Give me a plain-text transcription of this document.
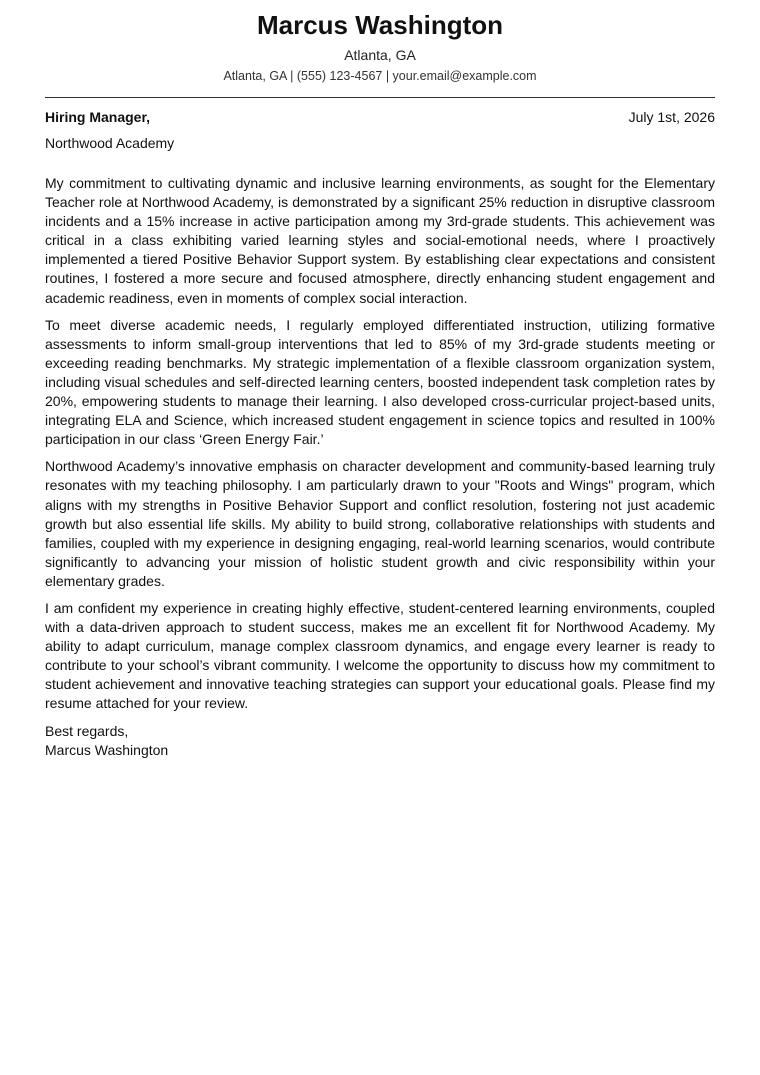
Marcus Washington
Atlanta, GA
Atlanta, GA | (555) 123-4567 | your.email@example.com
Hiring Manager,	July 1st, 2026
Northwood Academy

My commitment to cultivating dynamic and inclusive learning environments, as sought for the Elementary Teacher role at Northwood Academy, is demonstrated by a significant 25% reduction in disruptive classroom incidents and a 15% increase in active participation among my 3rd-grade students. This achievement was critical in a class exhibiting varied learning styles and social-emotional needs, where I proactively implemented a tiered Positive Behavior Support system. By establishing clear expectations and consistent routines, I fostered a more secure and focused atmosphere, directly enhancing student engagement and academic readiness, even in moments of complex social interaction.

To meet diverse academic needs, I regularly employed differentiated instruction, utilizing formative assessments to inform small-group interventions that led to 85% of my 3rd-grade students meeting or exceeding reading benchmarks. My strategic implementation of a flexible classroom organization system, including visual schedules and self-directed learning centers, boosted independent task completion rates by 20%, empowering students to manage their learning. I also developed cross-curricular project-based units, integrating ELA and Science, which increased student engagement in science topics and resulted in 100% participation in our class ‘Green Energy Fair.’

Northwood Academy’s innovative emphasis on character development and community-based learning truly resonates with my teaching philosophy. I am particularly drawn to your "Roots and Wings" program, which aligns with my strengths in Positive Behavior Support and conflict resolution, fostering not just academic growth but also essential life skills. My ability to build strong, collaborative relationships with students and families, coupled with my experience in designing engaging, real-world learning scenarios, would contribute significantly to advancing your mission of holistic student growth and civic responsibility within your elementary grades.

I am confident my experience in creating highly effective, student-centered learning environments, coupled with a data-driven approach to student success, makes me an excellent fit for Northwood Academy. My ability to adapt curriculum, manage complex classroom dynamics, and engage every learner is ready to contribute to your school’s vibrant community. I welcome the opportunity to discuss how my commitment to student achievement and innovative teaching strategies can support your educational goals. Please find my resume attached for your review.

Best regards,
Marcus Washington
